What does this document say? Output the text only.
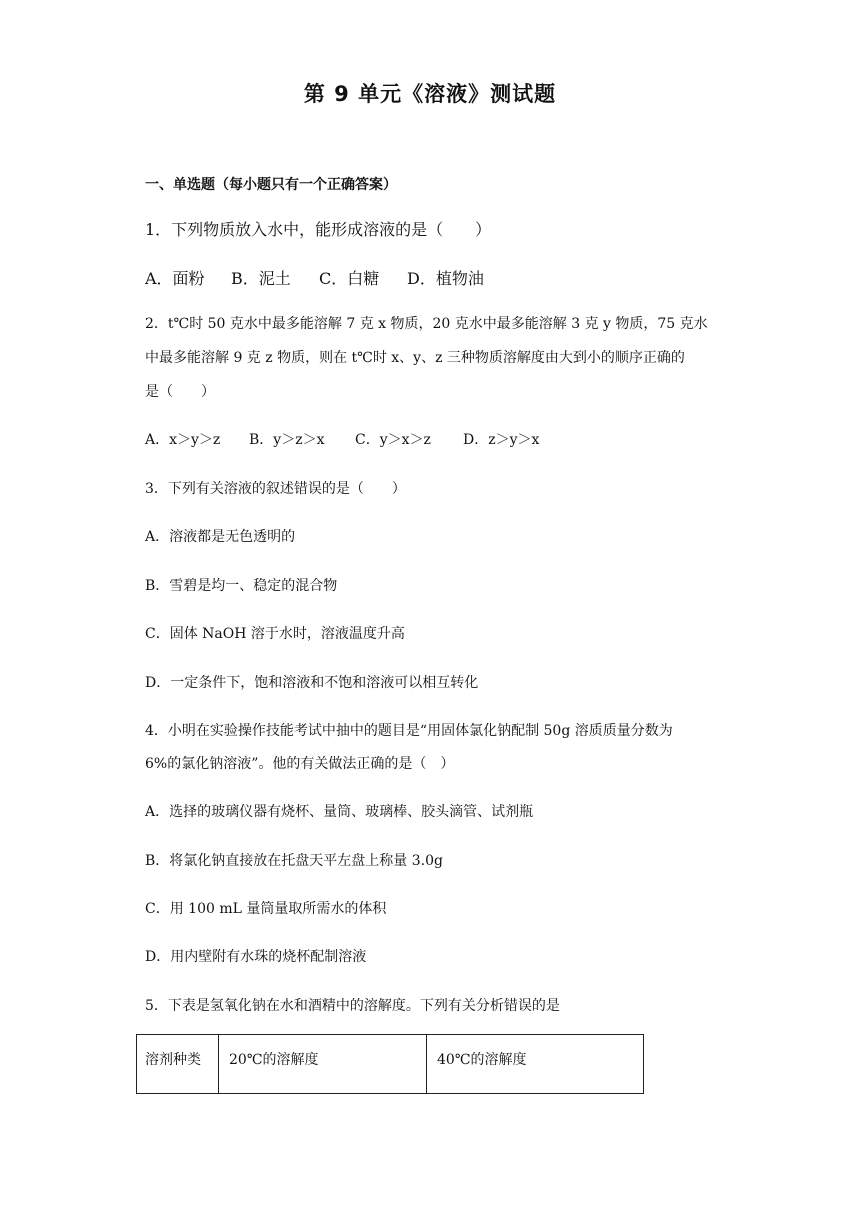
第 9 单元《溶液》测试题
一、单选题（每小题只有一个正确答案）
1．下列物质放入水中，能形成溶液的是（　　）
A．面粉 B．泥土 C．白糖 D．植物油
2．t℃时 50 克水中最多能溶解 7 克 x 物质，20 克水中最多能溶解 3 克 y 物质，75 克水
中最多能溶解 9 克 z 物质，则在 t℃时 x、y、z 三种物质溶解度由大到小的顺序正确的
是（　　）
A．x＞y＞z B．y＞z＞x C．y＞x＞z D．z＞y＞x
3．下列有关溶液的叙述错误的是（　　）
A．溶液都是无色透明的
B．雪碧是均一、稳定的混合物
C．固体 NaOH 溶于水时，溶液温度升高
D．一定条件下，饱和溶液和不饱和溶液可以相互转化
4．小明在实验操作技能考试中抽中的题目是“用固体氯化钠配制 50g 溶质质量分数为
6%的氯化钠溶液”。他的有关做法正确的是（　）
A．选择的玻璃仪器有烧杯、量筒、玻璃棒、胶头滴管、试剂瓶
B．将氯化钠直接放在托盘天平左盘上称量 3.0g
C．用 100 mL 量筒量取所需水的体积
D．用内壁附有水珠的烧杯配制溶液
5．下表是氢氧化钠在水和酒精中的溶解度。下列有关分析错误的是
溶剂种类	20℃的溶解度	40℃的溶解度
